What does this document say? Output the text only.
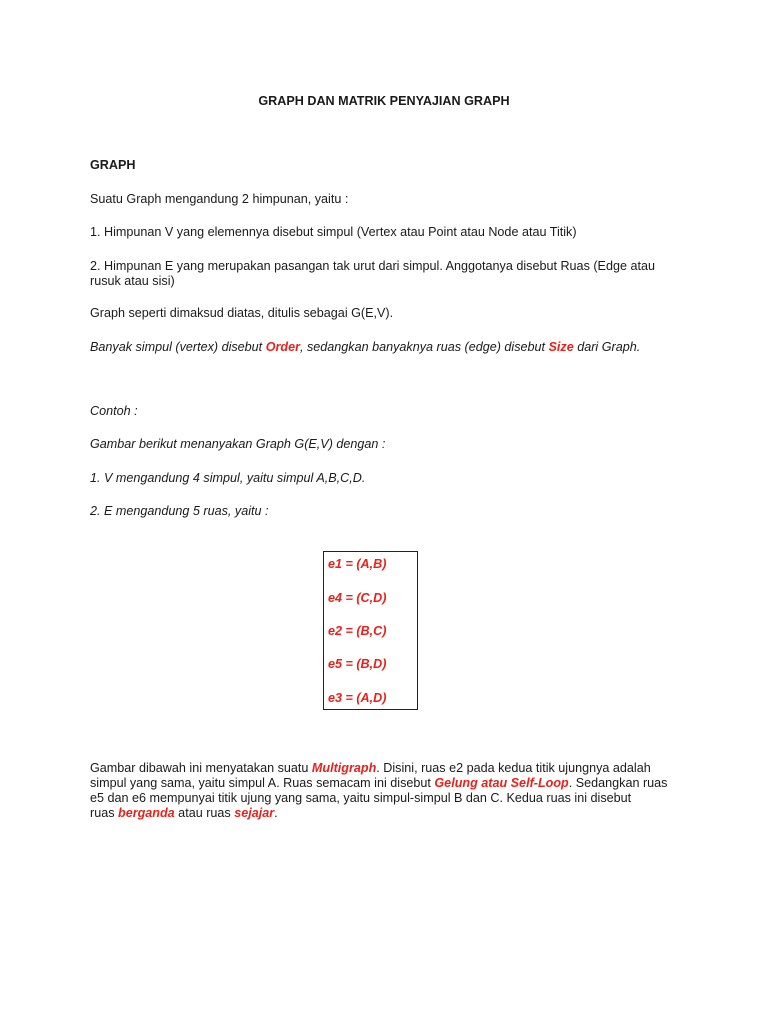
GRAPH DAN MATRIK PENYAJIAN GRAPH
GRAPH
Suatu Graph mengandung 2 himpunan, yaitu :
1. Himpunan V yang elemennya disebut simpul (Vertex atau Point atau Node atau Titik)
2. Himpunan E yang merupakan pasangan tak urut dari simpul. Anggotanya disebut Ruas (Edge atau
rusuk atau sisi)
Graph seperti dimaksud diatas, ditulis sebagai G(E,V).
Banyak simpul (vertex) disebut Order, sedangkan banyaknya ruas (edge) disebut Size dari Graph.
Contoh :
Gambar berikut menanyakan Graph G(E,V) dengan :
1. V mengandung 4 simpul, yaitu simpul A,B,C,D.
2. E mengandung 5 ruas, yaitu :
e1 = (A,B)
e4 = (C,D)
e2 = (B,C)
e5 = (B,D)
e3 = (A,D)
Gambar dibawah ini menyatakan suatu Multigraph. Disini, ruas e2 pada kedua titik ujungnya adalah
simpul yang sama, yaitu simpul A. Ruas semacam ini disebut Gelung atau Self-Loop. Sedangkan ruas
e5 dan e6 mempunyai titik ujung yang sama, yaitu simpul-simpul B dan C. Kedua ruas ini disebut
ruas berganda atau ruas sejajar.
